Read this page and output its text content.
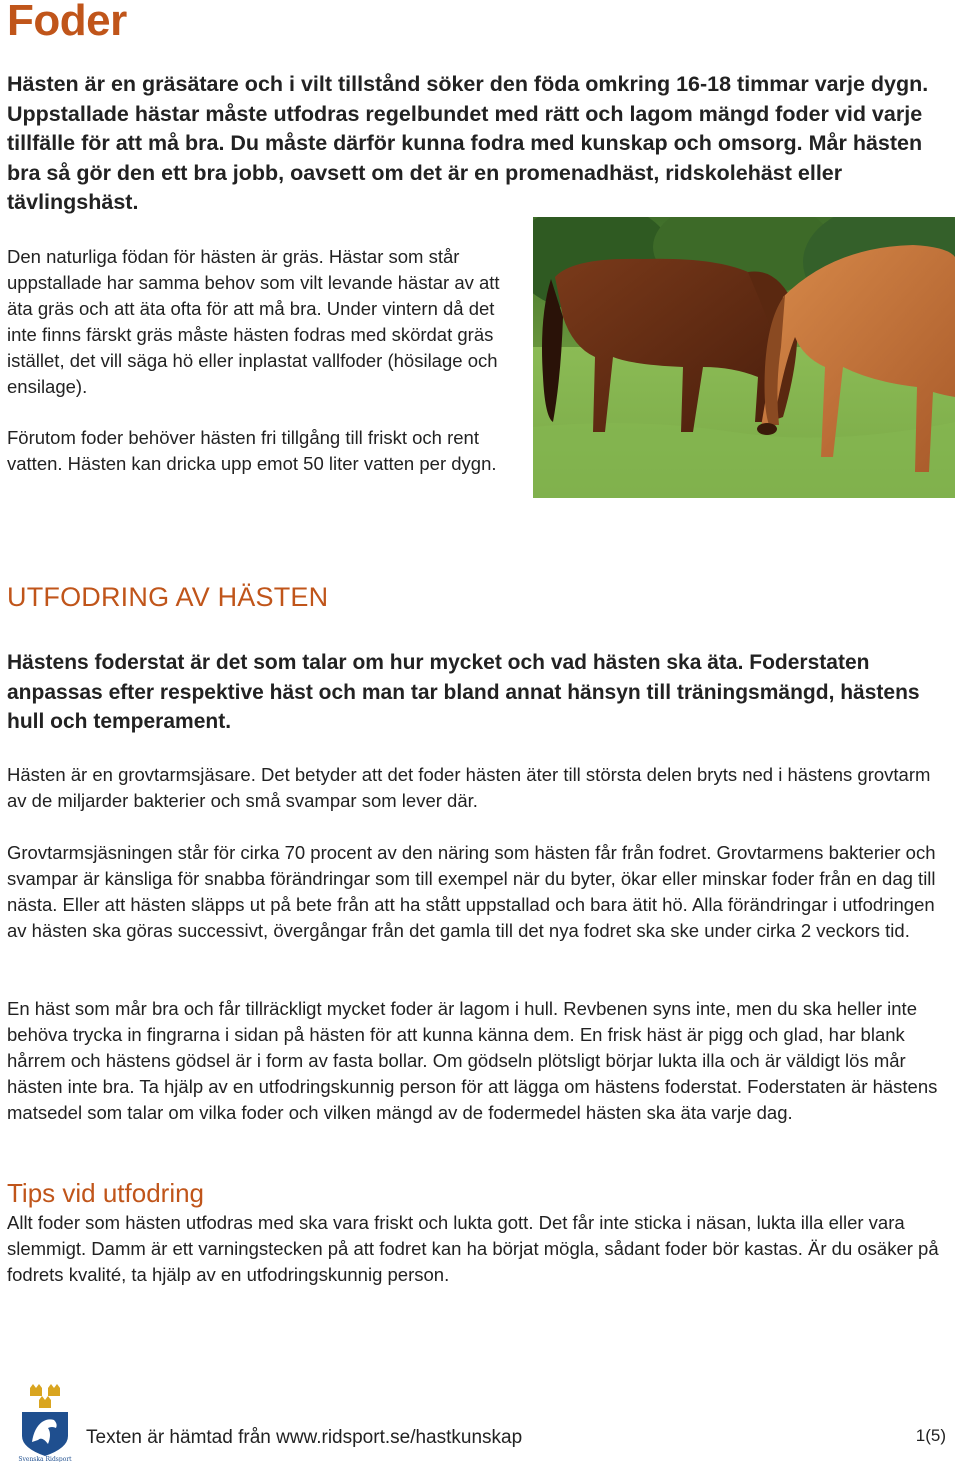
Foder

Hästen är en gräsätare och i vilt tillstånd söker den föda omkring 16-18 timmar varje dygn. Uppstallade hästar måste utfodras regelbundet med rätt och lagom mängd foder vid varje tillfälle för att må bra. Du måste därför kunna fodra med kunskap och omsorg. Mår hästen bra så gör den ett bra jobb, oavsett om det är en promenadhäst, ridskolehäst eller tävlingshäst.

Den naturliga födan för hästen är gräs. Hästar som står uppstallade har samma behov som vilt levande hästar av att äta gräs och att äta ofta för att må bra. Under vintern då det inte finns färskt gräs måste hästen fodras med skördat gräs istället, det vill säga hö eller inplastat vallfoder (hösilage och ensilage).

Förutom foder behöver hästen fri tillgång till friskt och rent vatten. Hästen kan dricka upp emot 50 liter vatten per dygn.

UTFODRING AV HÄSTEN

Hästens foderstat är det som talar om hur mycket och vad hästen ska äta. Foderstaten anpassas efter respektive häst och man tar bland annat hänsyn till träningsmängd, hästens hull och temperament.

Hästen är en grovtarmsjäsare. Det betyder att det foder hästen äter till största delen bryts ned i hästens grovtarm av de miljarder bakterier och små svampar som lever där.

Grovtarmsjäsningen står för cirka 70 procent av den näring som hästen får från fodret. Grovtarmens bakterier och svampar är känsliga för snabba förändringar som till exempel när du byter, ökar eller minskar foder från en dag till nästa. Eller att hästen släpps ut på bete från att ha stått uppstallad och bara ätit hö. Alla förändringar i utfodringen av hästen ska göras successivt, övergångar från det gamla till det nya fodret ska ske under cirka 2 veckors tid.

En häst som mår bra och får tillräckligt mycket foder är lagom i hull. Revbenen syns inte, men du ska heller inte behöva trycka in fingrarna i sidan på hästen för att kunna känna dem. En frisk häst är pigg och glad, har blank hårrem och hästens gödsel är i form av fasta bollar. Om gödseln plötsligt börjar lukta illa och är väldigt lös mår hästen inte bra. Ta hjälp av en utfodringskunnig person för att lägga om hästens foderstat. Foderstaten är hästens matsedel som talar om vilka foder och vilken mängd av de fodermedel hästen ska äta varje dag.

Tips vid utfodring

Allt foder som hästen utfodras med ska vara friskt och lukta gott. Det får inte sticka i näsan, lukta illa eller vara slemmigt. Damm är ett varningstecken på att fodret kan ha börjat mögla, sådant foder bör kastas. Är du osäker på fodrets kvalité, ta hjälp av en utfodringskunnig person.

Svenska Ridsport

Texten är hämtad från www.ridsport.se/hastkunskap	1(5)
